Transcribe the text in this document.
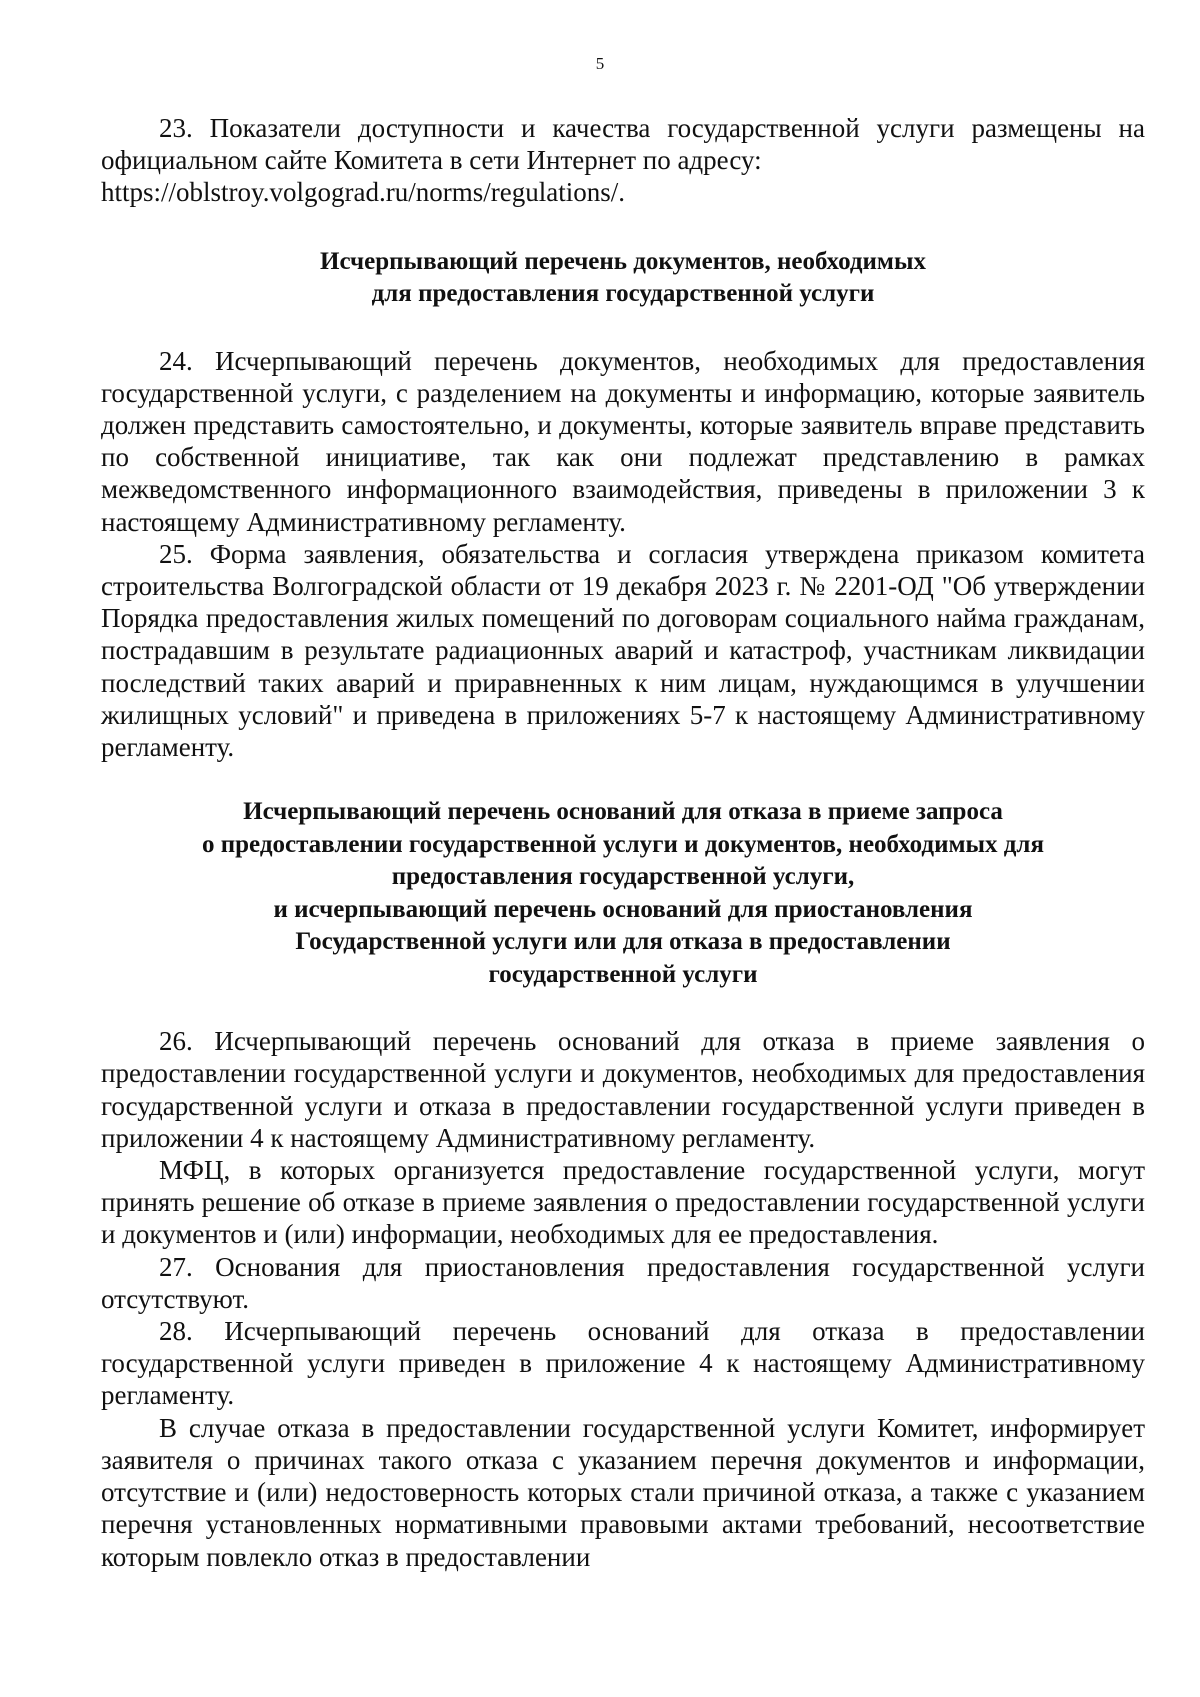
5

23. Показатели доступности и качества государственной услуги размещены на официальном сайте Комитета в сети Интернет по адресу:

https://oblstroy.volgograd.ru/norms/regulations/.

Исчерпывающий перечень документов, необходимых
для предоставления государственной услуги

24. Исчерпывающий перечень документов, необходимых для предоставления государственной услуги, с разделением на документы и информацию, которые заявитель должен представить самостоятельно, и документы, которые заявитель вправе представить по собственной инициативе, так как они подлежат представлению в рамках межведомственного информационного взаимодействия, приведены в приложении 3 к настоящему Административному регламенту.

25. Форма заявления, обязательства и согласия утверждена приказом комитета строительства Волгоградской области от 19 декабря 2023 г. № 2201-ОД "Об утверждении Порядка предоставления жилых помещений по договорам социального найма гражданам, пострадавшим в результате радиационных аварий и катастроф, участникам ликвидации последствий таких аварий и приравненных к ним лицам, нуждающимся в улучшении жилищных условий" и приведена в приложениях 5-7 к настоящему Административному регламенту.

Исчерпывающий перечень оснований для отказа в приеме запроса
о предоставлении государственной услуги и документов, необходимых для
предоставления государственной услуги,
и исчерпывающий перечень оснований для приостановления
Государственной услуги или для отказа в предоставлении
государственной услуги

26. Исчерпывающий перечень оснований для отказа в приеме заявления о предоставлении государственной услуги и документов, необходимых для предоставления государственной услуги и отказа в предоставлении государственной услуги приведен в приложении 4 к настоящему Административному регламенту.

МФЦ, в которых организуется предоставление государственной услуги, могут принять решение об отказе в приеме заявления о предоставлении государственной услуги и документов и (или) информации, необходимых для ее предоставления.

27. Основания для приостановления предоставления государственной услуги отсутствуют.

28. Исчерпывающий перечень оснований для отказа в предоставлении государственной услуги приведен в приложение 4 к настоящему Административному регламенту.

В случае отказа в предоставлении государственной услуги Комитет, информирует заявителя о причинах такого отказа с указанием перечня документов и информации, отсутствие и (или) недостоверность которых стали причиной отказа, а также с указанием перечня установленных нормативными правовыми актами требований, несоответствие которым повлекло отказ в предоставлении
